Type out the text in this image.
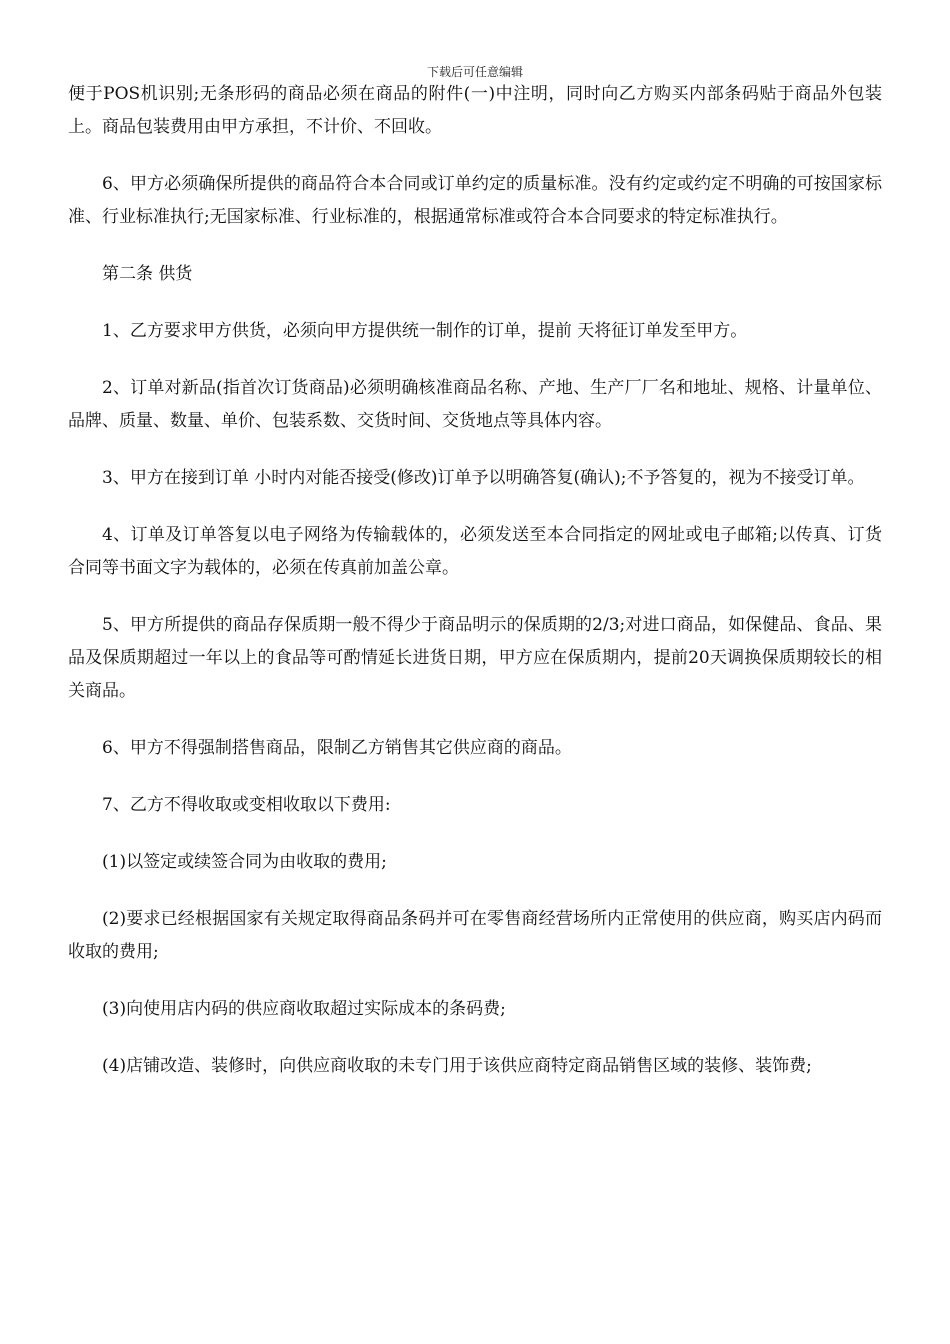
下载后可任意编辑

便于POS机识别;无条形码的商品必须在商品的附件(一)中注明，同时向乙方购买内部条码贴于商品外包装上。商品包装费用由甲方承担，不计价、不回收。

6、甲方必须确保所提供的商品符合本合同或订单约定的质量标准。没有约定或约定不明确的可按国家标准、行业标准执行;无国家标准、行业标准的，根据通常标准或符合本合同要求的特定标准执行。

第二条 供货

1、乙方要求甲方供货，必须向甲方提供统一制作的订单，提前 天将征订单发至甲方。

2、订单对新品(指首次订货商品)必须明确核准商品名称、产地、生产厂厂名和地址、规格、计量单位、品牌、质量、数量、单价、包装系数、交货时间、交货地点等具体内容。

3、甲方在接到订单 小时内对能否接受(修改)订单予以明确答复(确认);不予答复的，视为不接受订单。

4、订单及订单答复以电子网络为传输载体的，必须发送至本合同指定的网址或电子邮箱;以传真、订货合同等书面文字为载体的，必须在传真前加盖公章。

5、甲方所提供的商品存保质期一般不得少于商品明示的保质期的2/3;对进口商品，如保健品、食品、果品及保质期超过一年以上的食品等可酌情延长进货日期，甲方应在保质期内，提前20天调换保质期较长的相关商品。

6、甲方不得强制搭售商品，限制乙方销售其它供应商的商品。

7、乙方不得收取或变相收取以下费用:

(1)以签定或续签合同为由收取的费用;

(2)要求已经根据国家有关规定取得商品条码并可在零售商经营场所内正常使用的供应商，购买店内码而收取的费用;

(3)向使用店内码的供应商收取超过实际成本的条码费;

(4)店铺改造、装修时，向供应商收取的未专门用于该供应商特定商品销售区域的装修、装饰费;
